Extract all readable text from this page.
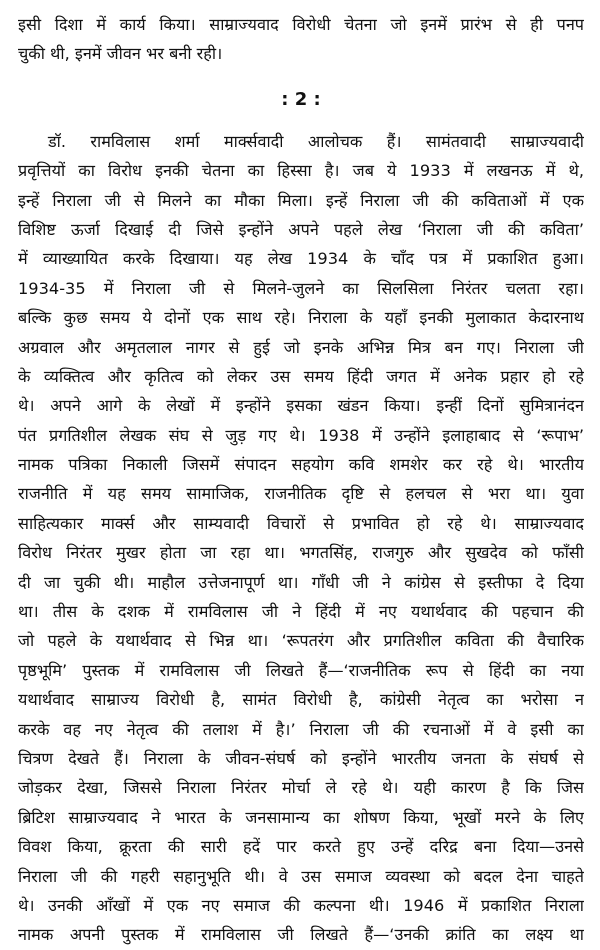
इसी दिशा में कार्य किया। साम्राज्यवाद विरोधी चेतना जो इनमें प्रारंभ से ही पनप
चुकी थी, इनमें जीवन भर बनी रही।
: 2 :
डॉ. रामविलास शर्मा मार्क्सवादी आलोचक हैं। सामंतवादी साम्राज्यवादी
प्रवृत्तियों का विरोध इनकी चेतना का हिस्सा है। जब ये 1933 में लखनऊ में थे,
इन्हें निराला जी से मिलने का मौका मिला। इन्हें निराला जी की कविताओं में एक
विशिष्ट ऊर्जा दिखाई दी जिसे इन्होंने अपने पहले लेख ‘निराला जी की कविता’
में व्याख्यायित करके दिखाया। यह लेख 1934 के चाँद पत्र में प्रकाशित हुआ।
1934-35 में निराला जी से मिलने-जुलने का सिलसिला निरंतर चलता रहा।
बल्कि कुछ समय ये दोनों एक साथ रहे। निराला के यहाँ इनकी मुलाकात केदारनाथ
अग्रवाल और अमृतलाल नागर से हुई जो इनके अभिन्न मित्र बन गए। निराला जी
के व्यक्तित्व और कृतित्व को लेकर उस समय हिंदी जगत में अनेक प्रहार हो रहे
थे। अपने आगे के लेखों में इन्होंने इसका खंडन किया। इन्हीं दिनों सुमित्रानंदन
पंत प्रगतिशील लेखक संघ से जुड़ गए थे। 1938 में उन्होंने इलाहाबाद से ‘रूपाभ’
नामक पत्रिका निकाली जिसमें संपादन सहयोग कवि शमशेर कर रहे थे। भारतीय
राजनीति में यह समय सामाजिक, राजनीतिक दृष्टि से हलचल से भरा था। युवा
साहित्यकार मार्क्स और साम्यवादी विचारों से प्रभावित हो रहे थे। साम्राज्यवाद
विरोध निरंतर मुखर होता जा रहा था। भगतसिंह, राजगुरु और सुखदेव को फाँसी
दी जा चुकी थी। माहौल उत्तेजनापूर्ण था। गाँधी जी ने कांग्रेस से इस्तीफा दे दिया
था। तीस के दशक में रामविलास जी ने हिंदी में नए यथार्थवाद की पहचान की
जो पहले के यथार्थवाद से भिन्न था। ‘रूपतरंग और प्रगतिशील कविता की वैचारिक
पृष्ठभूमि’ पुस्तक में रामविलास जी लिखते हैं—‘राजनीतिक रूप से हिंदी का नया
यथार्थवाद साम्राज्य विरोधी है, सामंत विरोधी है, कांग्रेसी नेतृत्व का भरोसा न
करके वह नए नेतृत्व की तलाश में है।’ निराला जी की रचनाओं में वे इसी का
चित्रण देखते हैं। निराला के जीवन-संघर्ष को इन्होंने भारतीय जनता के संघर्ष से
जोड़कर देखा, जिससे निराला निरंतर मोर्चा ले रहे थे। यही कारण है कि जिस
ब्रिटिश साम्राज्यवाद ने भारत के जनसामान्य का शोषण किया, भूखों मरने के लिए
विवश किया, क्रूरता की सारी हदें पार करते हुए उन्हें दरिद्र बना दिया—उनसे
निराला जी की गहरी सहानुभूति थी। वे उस समाज व्यवस्था को बदल देना चाहते
थे। उनकी आँखों में एक नए समाज की कल्पना थी। 1946 में प्रकाशित निराला
नामक अपनी पुस्तक में रामविलास जी लिखते हैं—‘उनकी क्रांति का लक्ष्य था
